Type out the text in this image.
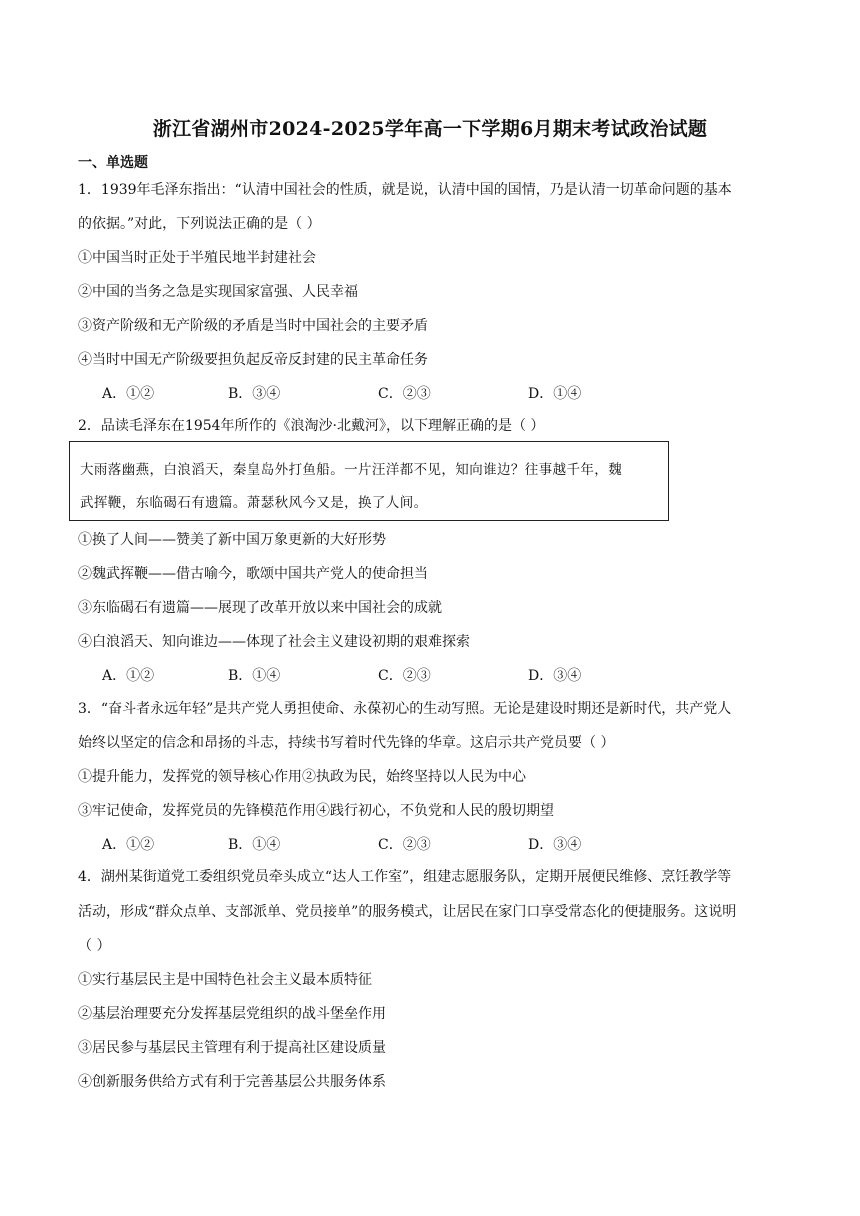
浙江省湖州市2024-2025学年高一下学期6月期末考试政治试题
一、单选题
1．1939年毛泽东指出：“认清中国社会的性质，就是说，认清中国的国情，乃是认清一切革命问题的基本
的依据。”对此，下列说法正确的是（ ）
①中国当时正处于半殖民地半封建社会
②中国的当务之急是实现国家富强、人民幸福
③资产阶级和无产阶级的矛盾是当时中国社会的主要矛盾
④当时中国无产阶级要担负起反帝反封建的民主革命任务
A．①②	B．③④	C．②③	D．①④
2．品读毛泽东在1954年所作的《浪淘沙·北戴河》，以下理解正确的是（ ）
大雨落幽燕，白浪滔天，秦皇岛外打鱼船。一片汪洋都不见，知向谁边？往事越千年，魏
武挥鞭，东临碣石有遗篇。萧瑟秋风今又是，换了人间。
①换了人间——赞美了新中国万象更新的大好形势
②魏武挥鞭——借古喻今，歌颂中国共产党人的使命担当
③东临碣石有遗篇——展现了改革开放以来中国社会的成就
④白浪滔天、知向谁边——体现了社会主义建设初期的艰难探索
A．①②	B．①④	C．②③	D．③④
3．“奋斗者永远年轻”是共产党人勇担使命、永葆初心的生动写照。无论是建设时期还是新时代，共产党人
始终以坚定的信念和昂扬的斗志，持续书写着时代先锋的华章。这启示共产党员要（ ）
①提升能力，发挥党的领导核心作用②执政为民，始终坚持以人民为中心
③牢记使命，发挥党员的先锋模范作用④践行初心，不负党和人民的殷切期望
A．①②	B．①④	C．②③	D．③④
4．湖州某街道党工委组织党员牵头成立“达人工作室”，组建志愿服务队，定期开展便民维修、烹饪教学等
活动，形成“群众点单、支部派单、党员接单”的服务模式，让居民在家门口享受常态化的便捷服务。这说明
（ ）
①实行基层民主是中国特色社会主义最本质特征
②基层治理要充分发挥基层党组织的战斗堡垒作用
③居民参与基层民主管理有利于提高社区建设质量
④创新服务供给方式有利于完善基层公共服务体系
